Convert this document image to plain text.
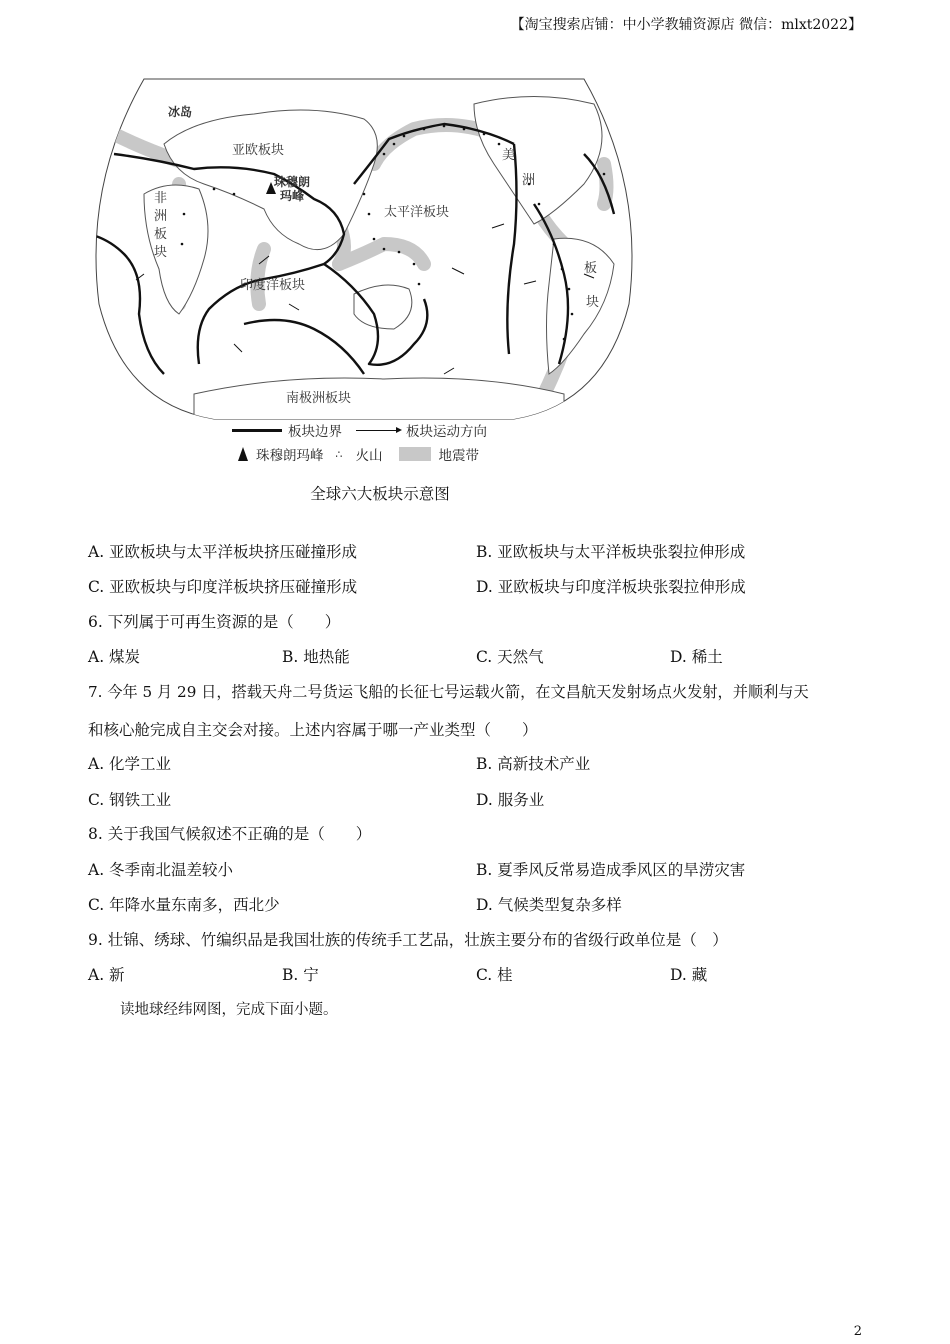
【淘宝搜索店铺：中小学教辅资源店 微信：mlxt2022】
冰岛
亚欧板块
珠穆朗
玛峰
太平洋板块
非
洲
板
块
印度洋板块
美
洲
板
块
南极洲板块
板块边界	板块运动方向
珠穆朗玛峰 ∴	火山	地震带
全球六大板块示意图
A. 亚欧板块与太平洋板块挤压碰撞形成	B. 亚欧板块与太平洋板块张裂拉伸形成
C. 亚欧板块与印度洋板块挤压碰撞形成	D. 亚欧板块与印度洋板块张裂拉伸形成
6. 下列属于可再生资源的是（　　）
A. 煤炭	B. 地热能	C. 天然气	D. 稀土
7. 今年 5 月 29 日，搭载天舟二号货运飞船的长征七号运载火箭，在文昌航天发射场点火发射，并顺利与天
和核心舱完成自主交会对接。上述内容属于哪一产业类型（　　）
A. 化学工业	B. 高新技术产业
C. 钢铁工业	D. 服务业
8. 关于我国气候叙述不正确的是（　　）
A. 冬季南北温差较小	B. 夏季风反常易造成季风区的旱涝灾害
C. 年降水量东南多，西北少	D. 气候类型复杂多样
9. 壮锦、绣球、竹编织品是我国壮族的传统手工艺品，壮族主要分布的省级行政单位是（　）
A. 新	B. 宁	C. 桂	D. 藏
读地球经纬网图，完成下面小题。
2
